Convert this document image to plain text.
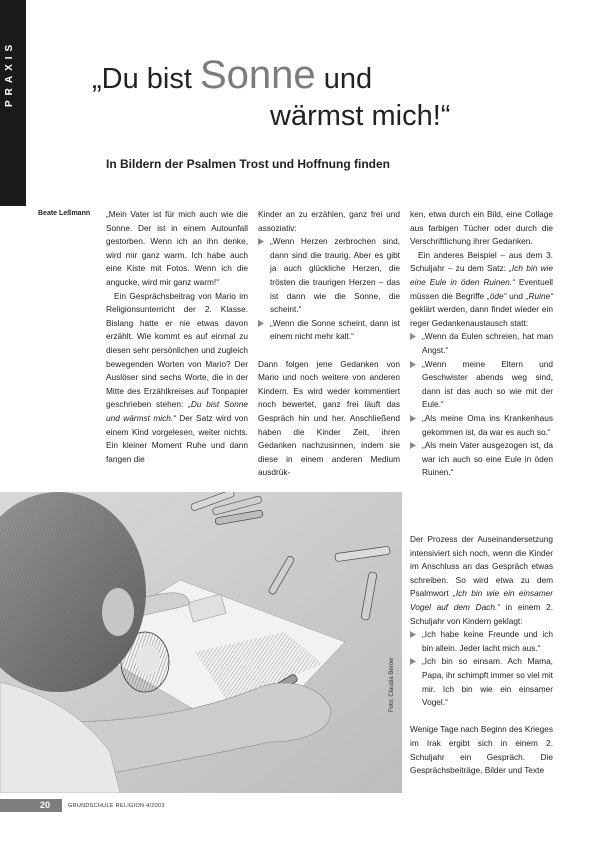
PRAXIS	„Du bist Sonne und
wärmst mich!“
In Bildern der Psalmen Trost und Hoffnung finden
Beate Leßmann „Mein Vater ist für mich auch wie die Sonne. Der ist in einem Autounfall gestorben. Wenn ich an ihn denke, wird mir ganz warm. Ich habe auch eine Kiste mit Fotos. Wenn ich die angucke, wird mir ganz warm!“

Ein Gesprächsbeitrag von Mario im Religionsunterricht der 2. Klasse. Bislang hatte er nie etwas davon erzählt. Wie kommt es auf einmal zu diesen sehr persönlichen und zugleich bewegenden Worten von Mario? Der Auslöser sind sechs Worte, die in der Mitte des Erzählkreises auf Tonpapier geschrieben stehen: „Du bist Sonne und wärmst mich.“ Der Satz wird von einem Kind vorgelesen, weiter nichts. Ein kleiner Moment Ruhe und dann fangen die

Kinder an zu erzählen, ganz frei und assoziativ:

„Wenn Herzen zerbrochen sind, dann sind die traurig. Aber es gibt ja auch glückliche Herzen, die trösten die traurigen Herzen – das ist dann wie die Sonne, die scheint.“
„Wenn die Sonne scheint, dann ist einem nicht mehr kalt.“

Dann folgen jene Gedanken von Mario und noch weitere von anderen Kindern. Es wird weder kommentiert noch bewertet, ganz frei läuft das Gespräch hin und her. Anschließend haben die Kinder Zeit, ihren Gedanken nachzusinnen, indem sie diese in einem anderen Medium ausdrük-

ken, etwa durch ein Bild, eine Collage aus farbigen Tücher oder durch die Verschriftlichung ihrer Gedanken.

Ein anderes Beispiel – aus dem 3. Schuljahr – zu dem Satz: „Ich bin wie eine Eule in öden Ruinen.“ Eventuell müssen die Begriffe „öde“ und „Ruine“ geklärt werden, dann findet wieder ein reger Gedankenaustausch statt:

„Wenn da Eulen schreien, hat man Angst.“
„Wenn meine Eltern und Geschwister abends weg sind, dann ist das auch so wie mit der Eule.“
„Als meine Oma ins Krankenhaus gekommen ist, da war es auch so.“
„Als mein Vater ausgezogen ist, da war ich auch so eine Eule in öden Ruinen.“

Der Prozess der Auseinandersetzung intensiviert sich noch, wenn die Kinder im Anschluss an das Gespräch etwas schreiben. So wird etwa zu dem Psalmwort „Ich bin wie ein einsamer Vogel auf dem Dach.“ in einem 2. Schuljahr von Kindern geklagt:

„Ich habe keine Freunde und ich bin allein. Jeder lacht mich aus.“
„Ich bin so einsam. Ach Mama, Papa, ihr schimpft immer so viel mit mir. Ich bin wie ein einsamer Vogel.“

Wenige Tage nach Beginn des Krieges im Irak ergibt sich in einem 2. Schuljahr ein Gespräch. Die Gesprächsbeiträge, Bilder und Texte

Foto: Claudia Berow
20	GRUNDSCHULE RELIGION 4/2003
